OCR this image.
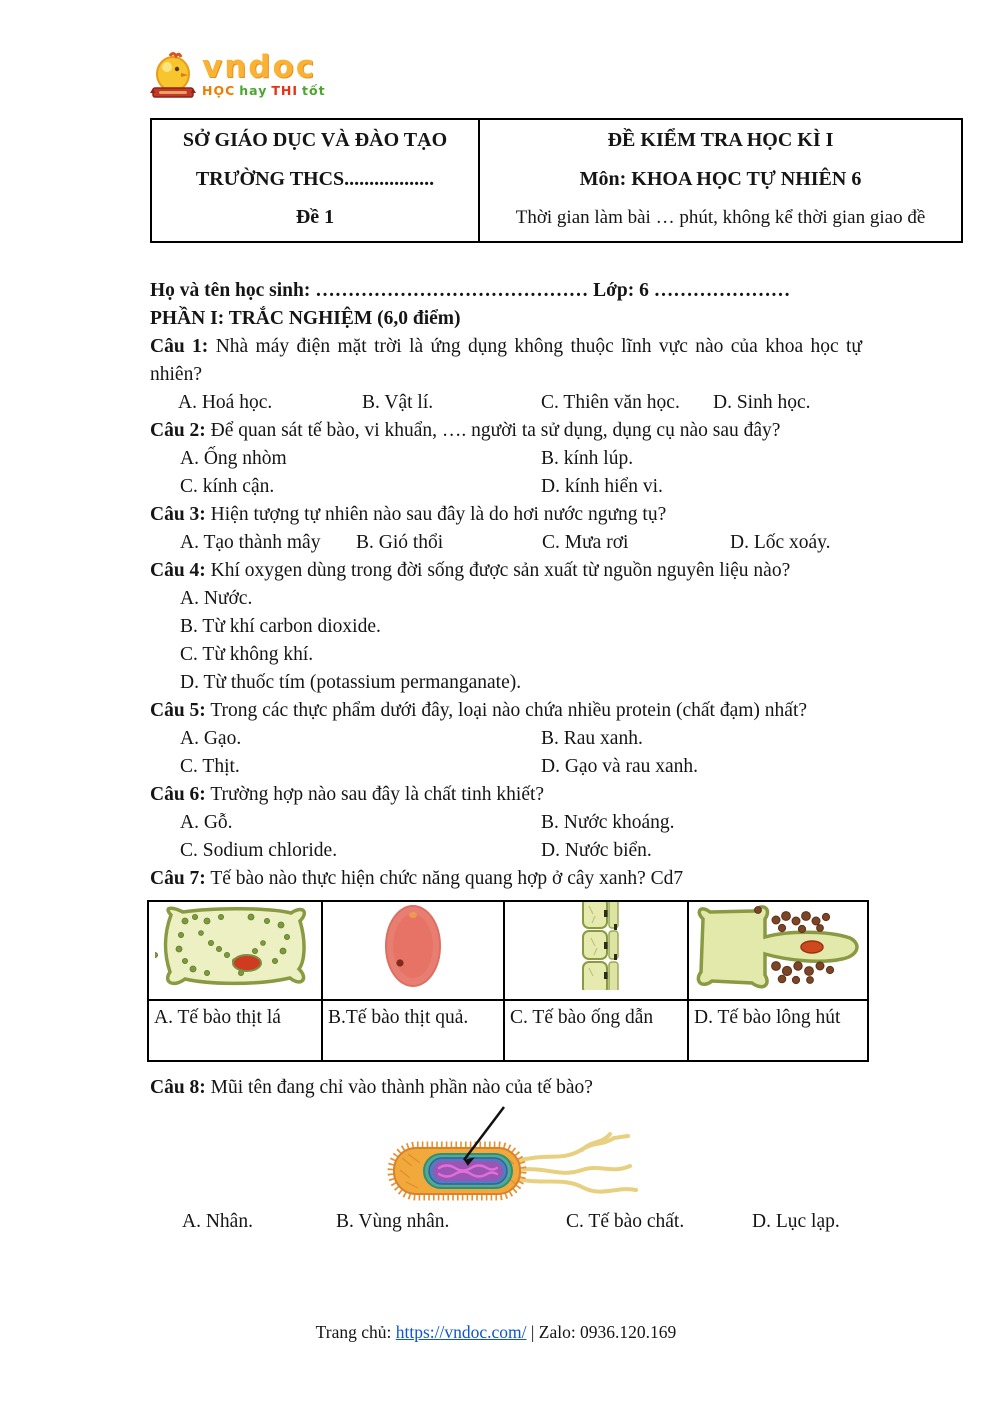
vndoc
HỌC hay THI tốt
SỞ GIÁO DỤC VÀ ĐÀO TẠO
TRƯỜNG THCS..................
Đề 1
ĐỀ KIỂM TRA HỌC KÌ I
Môn: KHOA HỌC TỰ NHIÊN 6
Thời gian làm bài … phút, không kể thời gian giao đề

Họ và tên học sinh: …………………………………… Lớp: 6 …………………

PHẦN I: TRẮC NGHIỆM (6,0 điểm)

Câu 1: Nhà máy điện mặt trời là ứng dụng không thuộc lĩnh vực nào của khoa học tự nhiên?

A. Hoá học.	B. Vật lí.	C. Thiên văn học.	D. Sinh học.

Câu 2: Để quan sát tế bào, vi khuẩn, …. người ta sử dụng, dụng cụ nào sau đây?

A. Ống nhòm	B. kính lúp.
C. kính cận.	D. kính hiển vi.

Câu 3: Hiện tượng tự nhiên nào sau đây là do hơi nước ngưng tụ?

A. Tạo thành mây	B. Gió thổi	C. Mưa rơi	D. Lốc xoáy.

Câu 4: Khí oxygen dùng trong đời sống được sản xuất từ nguồn nguyên liệu nào?

A. Nước.
B. Từ khí carbon dioxide.
C. Từ không khí.
D. Từ thuốc tím (potassium permanganate).

Câu 5: Trong các thực phẩm dưới đây, loại nào chứa nhiều protein (chất đạm) nhất?

A. Gạo.	B. Rau xanh.
C. Thịt.	D. Gạo và rau xanh.

Câu 6: Trường hợp nào sau đây là chất tinh khiết?

A. Gỗ.	B. Nước khoáng.
C. Sodium chloride.	D. Nước biển.

Câu 7: Tế bào nào thực hiện chức năng quang hợp ở cây xanh? Cd7

A. Tế bào thịt lá	B.Tế bào thịt quả.	C. Tế bào ống dẫn	D. Tế bào lông hút

Câu 8: Mũi tên đang chỉ vào thành phần nào của tế bào?

A. Nhân.	B. Vùng nhân.	C. Tế bào chất.	D. Lục lạp.
Trang chủ: https://vndoc.com/ | Zalo: 0936.120.169
